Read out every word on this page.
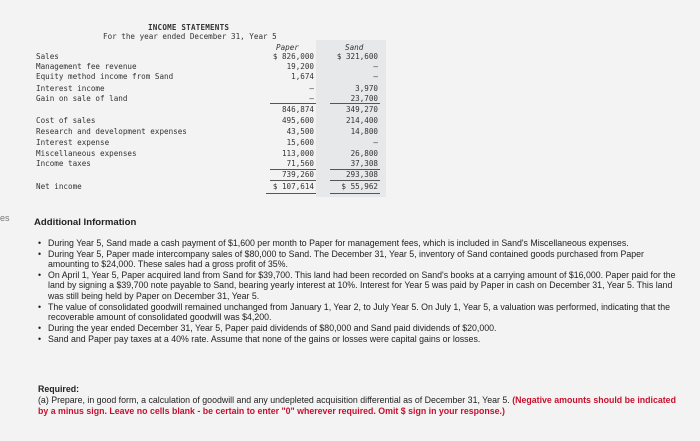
INCOME STATEMENTS
For the year ended December 31, Year 5
Paper	Sand
Sales	$ 826,000	$ 321,600
Management fee revenue	19,200	–
Equity method income from Sand	1,674	–
Interest income	–	3,970
Gain on sale of land	–	23,700
846,874	349,270
Cost of sales	495,600	214,400
Research and development expenses	43,500	14,800
Interest expense	15,600	–
Miscellaneous expenses	113,000	26,800
Income taxes	71,560	37,308
739,260	293,308
Net income	$ 107,614	$ 55,962
es	Additional Information
• During Year 5, Sand made a cash payment of $1,600 per month to Paper for management fees, which is included in Sand's Miscellaneous expenses.
• During Year 5, Paper made intercompany sales of $80,000 to Sand. The December 31, Year 5, inventory of Sand contained goods purchased from Paper amounting to $24,000. These sales had a gross profit of 35%.
• On April 1, Year 5, Paper acquired land from Sand for $39,700. This land had been recorded on Sand's books at a carrying amount of $16,000. Paper paid for the land by signing a $39,700 note payable to Sand, bearing yearly interest at 10%. Interest for Year 5 was paid by Paper in cash on December 31, Year 5. This land was still being held by Paper on December 31, Year 5.
• The value of consolidated goodwill remained unchanged from January 1, Year 2, to July Year 5. On July 1, Year 5, a valuation was performed, indicating that the recoverable amount of consolidated goodwill was $4,200.
• During the year ended December 31, Year 5, Paper paid dividends of $80,000 and Sand paid dividends of $20,000.
• Sand and Paper pay taxes at a 40% rate. Assume that none of the gains or losses were capital gains or losses.
Required:
(a) Prepare, in good form, a calculation of goodwill and any undepleted acquisition differential as of December 31, Year 5. (Negative amounts should be indicated by a minus sign. Leave no cells blank - be certain to enter "0" wherever required. Omit $ sign in your response.)
